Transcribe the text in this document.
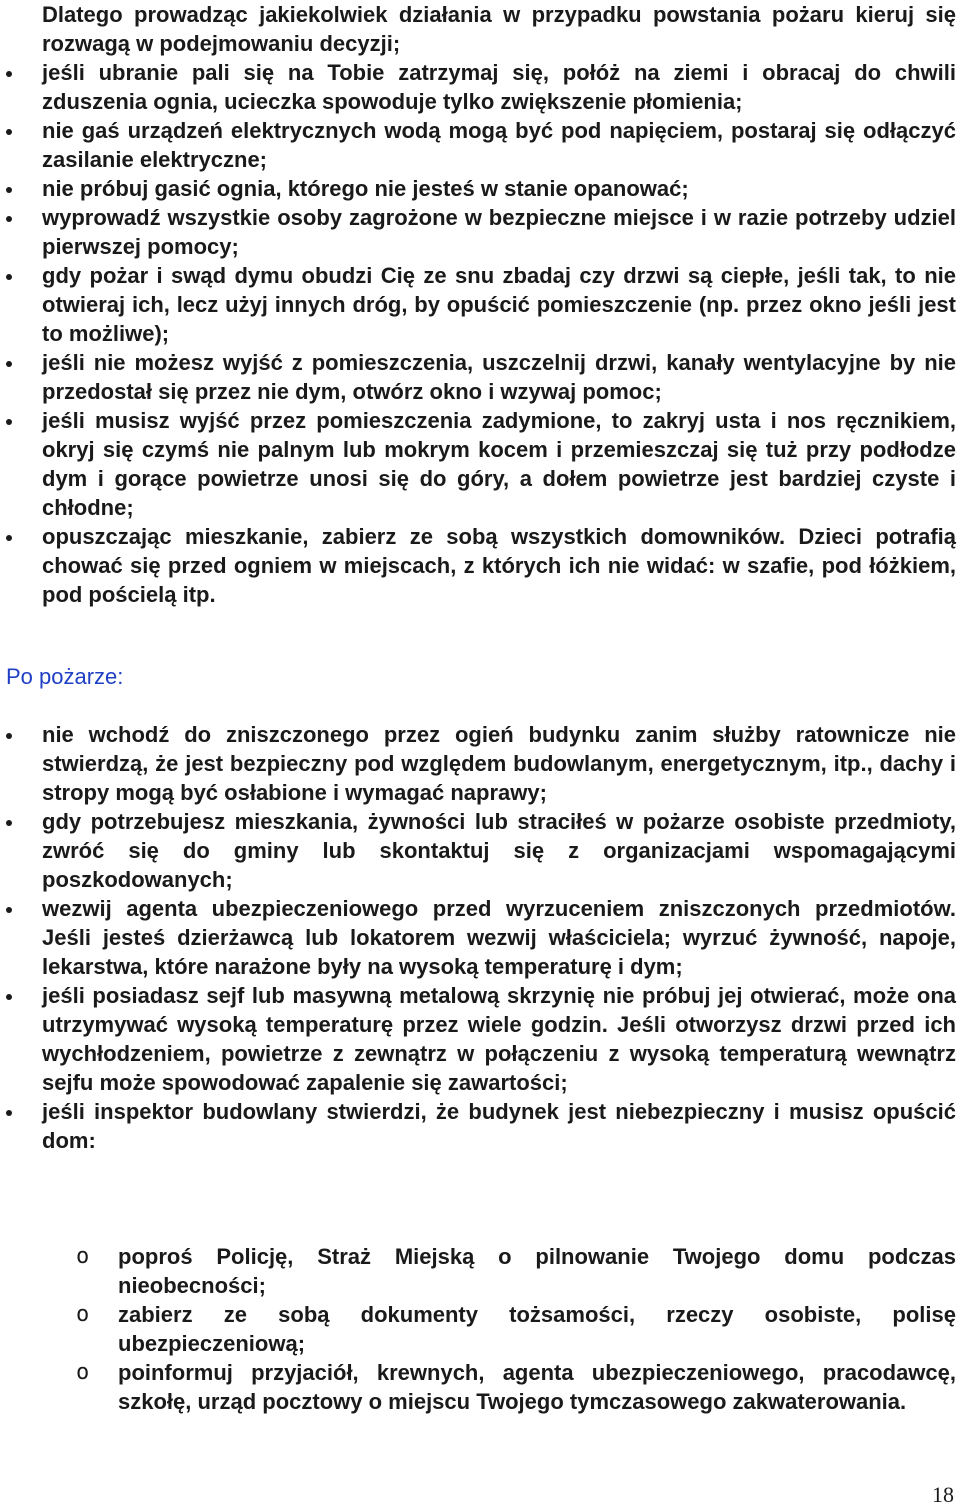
Dlatego prowadząc jakiekolwiek działania w przypadku powstania pożaru kieruj się rozwagą w podejmowaniu decyzji;

jeśli ubranie pali się na Tobie zatrzymaj się, połóż na ziemi i obracaj do chwili zduszenia ognia, ucieczka spowoduje tylko zwiększenie płomienia;
nie gaś urządzeń elektrycznych wodą mogą być pod napięciem, postaraj się odłączyć zasilanie elektryczne;
nie próbuj gasić ognia, którego nie jesteś w stanie opanować;
wyprowadź wszystkie osoby zagrożone w bezpieczne miejsce i w razie potrzeby udziel pierwszej pomocy;
gdy pożar i swąd dymu obudzi Cię ze snu zbadaj czy drzwi są ciepłe, jeśli tak, to nie otwieraj ich, lecz użyj innych dróg, by opuścić pomieszczenie (np. przez okno jeśli jest to możliwe);
jeśli nie możesz wyjść z pomieszczenia, uszczelnij drzwi, kanały wentylacyjne by nie przedostał się przez nie dym, otwórz okno i wzywaj pomoc;
jeśli musisz wyjść przez pomieszczenia zadymione, to zakryj usta i nos ręcznikiem, okryj się czymś nie palnym lub mokrym kocem i przemieszczaj się tuż przy podłodze dym i gorące powietrze unosi się do góry, a dołem powietrze jest bardziej czyste i chłodne;
opuszczając mieszkanie, zabierz ze sobą wszystkich domowników. Dzieci potrafią chować się przed ogniem w miejscach, z których ich nie widać: w szafie, pod łóżkiem, pod pościelą itp.
Po pożarze:
nie wchodź do zniszczonego przez ogień budynku zanim służby ratownicze nie stwierdzą, że jest bezpieczny pod względem budowlanym, energetycznym, itp., dachy i stropy mogą być osłabione i wymagać naprawy;
gdy potrzebujesz mieszkania, żywności lub straciłeś w pożarze osobiste przedmioty, zwróć się do gminy lub skontaktuj się z organizacjami wspomagającymi poszkodowanych;
wezwij agenta ubezpieczeniowego przed wyrzuceniem zniszczonych przedmiotów. Jeśli jesteś dzierżawcą lub lokatorem wezwij właściciela; wyrzuć żywność, napoje, lekarstwa, które narażone były na wysoką temperaturę i dym;
jeśli posiadasz sejf lub masywną metalową skrzynię nie próbuj jej otwierać, może ona utrzymywać wysoką temperaturę przez wiele godzin. Jeśli otworzysz drzwi przed ich wychłodzeniem, powietrze z zewnątrz w połączeniu z wysoką temperaturą wewnątrz sejfu może spowodować zapalenie się zawartości;
jeśli inspektor budowlany stwierdzi, że budynek jest niebezpieczny i musisz opuścić dom:
o poproś Policję, Straż Miejską o pilnowanie Twojego domu podczas nieobecności;
o zabierz ze sobą dokumenty tożsamości, rzeczy osobiste, polisę ubezpieczeniową;
o poinformuj przyjaciół, krewnych, agenta ubezpieczeniowego, pracodawcę, szkołę, urząd pocztowy o miejscu Twojego tymczasowego zakwaterowania.
18
